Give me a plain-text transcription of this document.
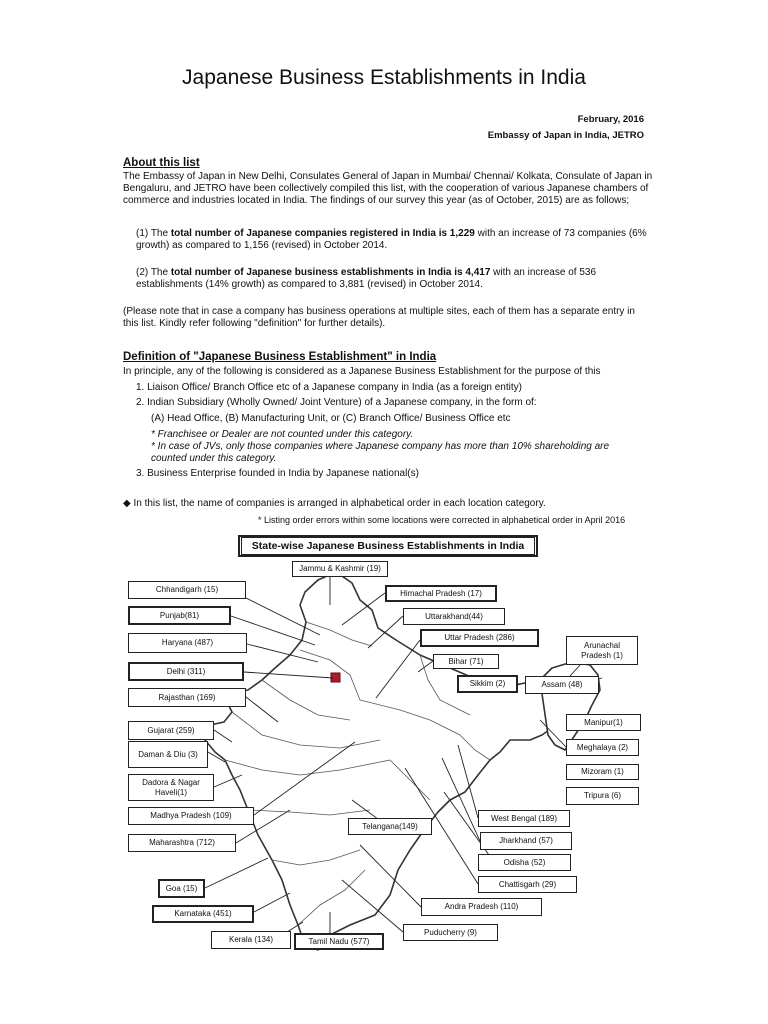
Japanese Business Establishments in India
February, 2016
Embassy of Japan in India, JETRO
About this list
The Embassy of Japan in New Delhi, Consulates General of Japan in Mumbai/ Chennai/ Kolkata, Consulate of Japan in Bengaluru, and JETRO have been collectively compiled this list, with the cooperation of various Japanese chambers of commerce and industries located in India. The findings of our survey this year (as of October, 2015) are as follows;
(1) The total number of Japanese companies registered in India is 1,229 with an increase of 73 companies (6% growth) as compared to 1,156 (revised) in October 2014.
(2) The total number of Japanese business establishments in India is 4,417 with an increase of 536 establishments (14% growth) as compared to 3,881 (revised) in October 2014.
(Please note that in case a company has business operations at multiple sites, each of them has a separate entry in this list. Kindly refer following "definition" for further details).
Definition of "Japanese Business Establishment" in India
In principle, any of the following is considered as a Japanese Business Establishment for the purpose of this
1. Liaison Office/ Branch Office etc of a Japanese company in India (as a foreign entity)
2. Indian Subsidiary (Wholly Owned/ Joint Venture) of a Japanese company, in the form of:
(A) Head Office, (B) Manufacturing Unit, or (C) Branch Office/ Business Office etc
* Franchisee or Dealer are not counted under this category.
* In case of JVs, only those companies where Japanese company has more than 10% shareholding are
counted under this category.
3. Business Enterprise founded in India by Japanese national(s)
◆ In this list, the name of companies is arranged in alphabetical order in each location category.
* Listing order errors within some locations were corrected in alphabetical order in April 2016
State-wise Japanese Business Establishments in India
Jammu & Kashmir (19)
Chhandigarh (15)	Himachal Pradesh (17)
Punjab(81)	Uttarakhand(44)
Haryana (487)
Uttar Pradesh (286)
Arunachal Pradesh (1)
Delhi (311)
Bihar (71)
Sikkim (2)	Assam (48)
Rajasthan (169)
Manipur(1)
Gujarat (259)
Meghalaya (2)
Daman & Diu (3)
Mizoram (1)
Dadora & Nagar Haveli(1)	Tripura (6)
Madhya Pradesh (109)	West Bengal (189)
Telangana(149)
Maharashtra (712)	Jharkhand (57)
Odisha (52)
Goa (15)	Chattisgarh (29)
Karnataka (451)
Andra Pradesh (110)
Puducherry (9)
Kerala (134)	Tamil Nadu (577)
